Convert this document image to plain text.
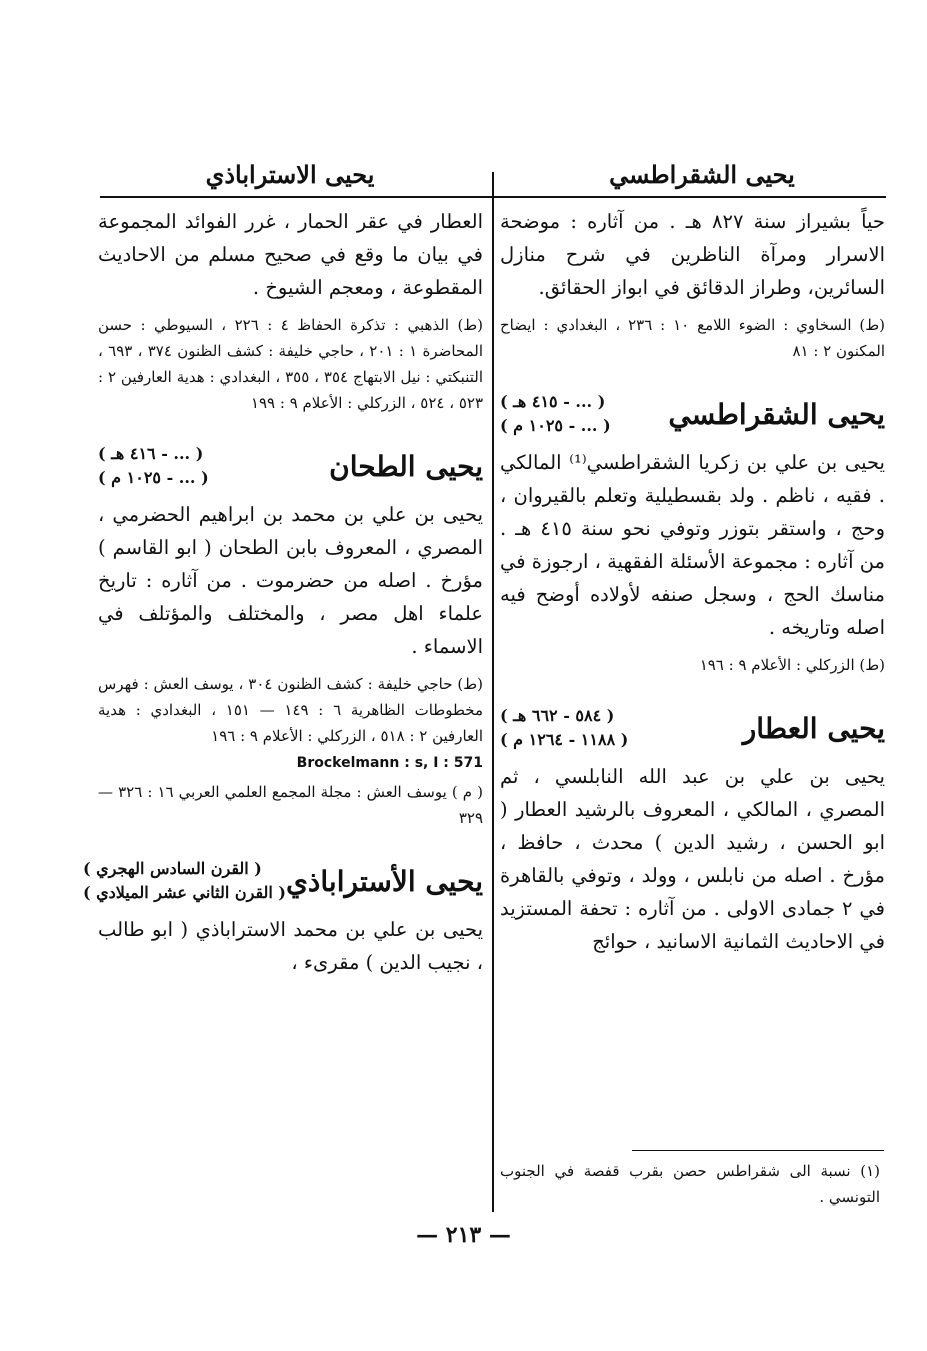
يحيى الشقراطسي
يحيى الاستراباذي

حياً بشيراز سنة ٨٢٧ هـ . من آثاره : موضحة الاسرار ومرآة الناظرين في شرح منازل السائرين، وطراز الدقائق في ابواز الحقائق.

(ط) السخاوي : الضوء اللامع ١٠ : ٢٣٦ ، البغدادي : ايضاح المكنون ٢ : ٨١

يحيى الشقراطسي
( ... - ٤١٥ هـ )
( ... - ١٠٢٥ م )

يحيى بن علي بن زكريا الشقراطسي⁽¹⁾ المالكي . فقيه ، ناظم . ولد بقسطيلية وتعلم بالقيروان ، وحج ، واستقر بتوزر وتوفي نحو سنة ٤١٥ هـ . من آثاره : مجموعة الأسئلة الفقهية ، ارجوزة في مناسك الحج ، وسجل صنفه لأولاده أوضح فيه اصله وتاريخه .

(ط) الزركلي : الأعلام ٩ : ١٩٦

يحيى العطار
( ٥٨٤ - ٦٦٢ هـ )
( ١١٨٨ - ١٢٦٤ م )

يحيى بن علي بن عبد الله النابلسي ، ثم المصري ، المالكي ، المعروف بالرشيد العطار ( ابو الحسن ، رشيد الدين ) محدث ، حافظ ، مؤرخ . اصله من نابلس ، وولد ، وتوفي بالقاهرة في ٢ جمادى الاولى . من آثاره : تحفة المستزيد في الاحاديث الثمانية الاسانيد ، حوائج

العطار في عقر الحمار ، غرر الفوائد المجموعة في بيان ما وقع في صحيح مسلم من الاحاديث المقطوعة ، ومعجم الشيوخ .

(ط) الذهبي : تذكرة الحفاظ ٤ : ٢٢٦ ، السيوطي : حسن المحاضرة ١ : ٢٠١ ، حاجي خليفة : كشف الظنون ٣٧٤ ، ٦٩٣ ، التنبكتي : نيل الابتهاج ٣٥٤ ، ٣٥٥ ، البغدادي : هدية العارفين ٢ : ٥٢٣ ، ٥٢٤ ، الزركلي : الأعلام ٩ : ١٩٩

يحيى الطحان
( ... - ٤١٦ هـ )
( ... - ١٠٢٥ م )

يحيى بن علي بن محمد بن ابراهيم الحضرمي ، المصري ، المعروف بابن الطحان ( ابو القاسم ) مؤرخ . اصله من حضرموت . من آثاره : تاريخ علماء اهل مصر ، والمختلف والمؤتلف في الاسماء .

(ط) حاجي خليفة : كشف الظنون ٣٠٤ ، يوسف العش : فهرس مخطوطات الظاهرية ٦ : ١٤٩ — ١٥١ ، البغدادي : هدية العارفين ٢ : ٥١٨ ، الزركلي : الأعلام ٩ : ١٩٦

Brockelmann : s, I : 571

( م ) يوسف العش : مجلة المجمع العلمي العربي ١٦ : ٣٢٦ — ٣٢٩

يحيى الأستراباذي
( القرن السادس الهجري )
( القرن الثاني عشر الميلادي )

يحيى بن علي بن محمد الاستراباذي ( ابو طالب ، نجيب الدين ) مقرىء ،

(١) نسبة الى شقراطس حصن بقرب قفصة في الجنوب التونسي .
— ٢١٣ —
